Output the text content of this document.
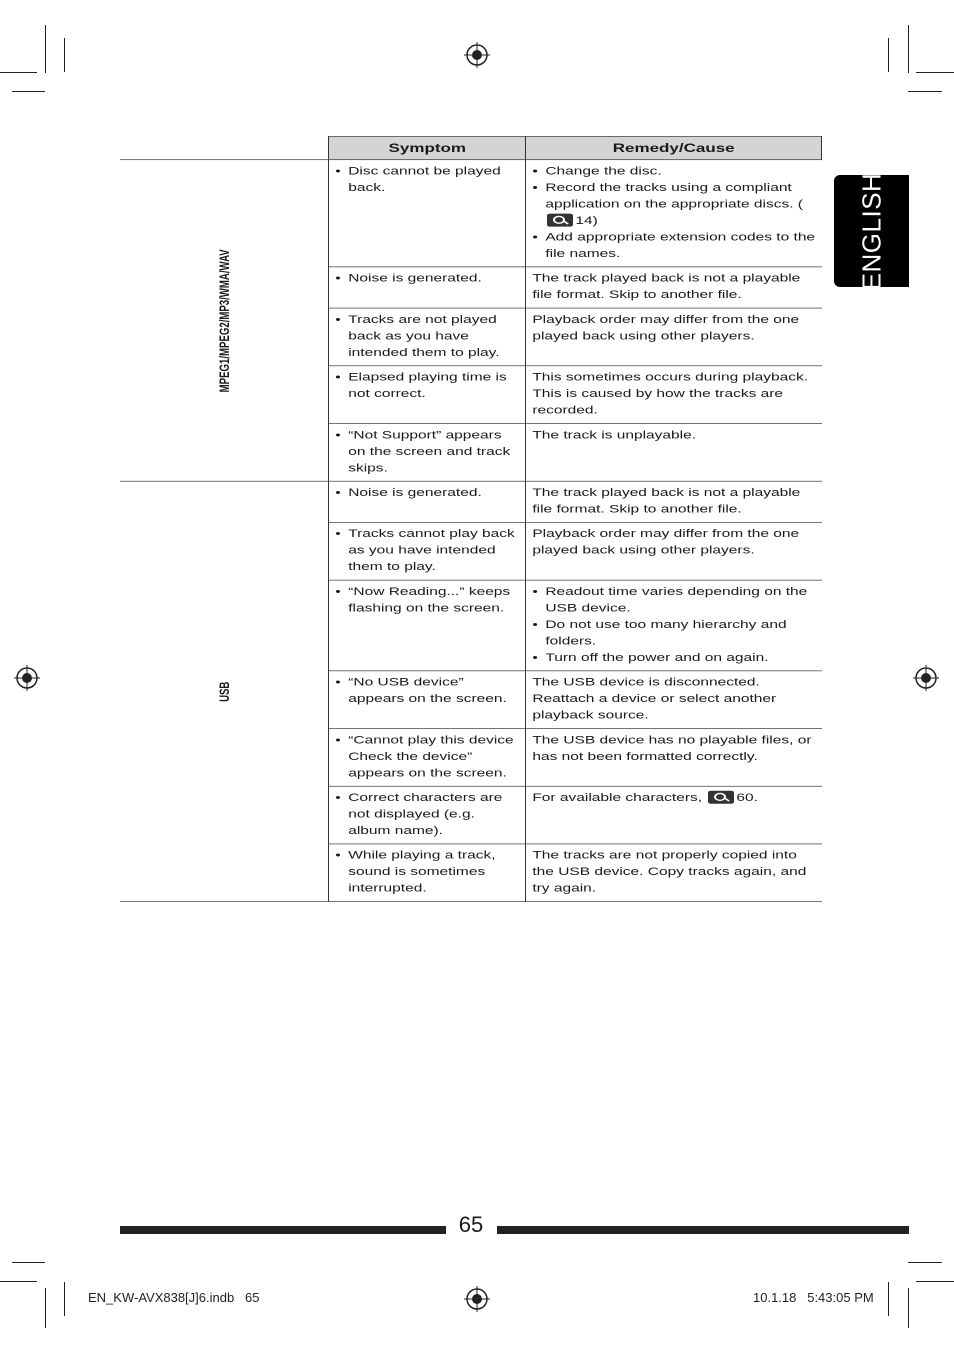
ENGLISH
	Symptom	Remedy/Cause

MPEG1/MPEG2/MP3/WMA/WAV	• Disc cannot be played back.	• Change the disc.
• Record the tracks using a compliant application on the appropriate discs. (14)
• Add appropriate extension codes to the file names.

	• Noise is generated.	The track played back is not a playable file format. Skip to another file.

	• Tracks are not played back as you have intended them to play.	Playback order may differ from the one played back using other players.

	• Elapsed playing time is not correct.	This sometimes occurs during playback. This is caused by how the tracks are recorded.

	• “Not Support” appears on the screen and track skips.	The track is unplayable.

USB	• Noise is generated.	The track played back is not a playable file format. Skip to another file.

	• Tracks cannot play back as you have intended them to play.	Playback order may differ from the one played back using other players.

	• “Now Reading...” keeps flashing on the screen.	• Readout time varies depending on the USB device.
• Do not use too many hierarchy and folders.
• Turn off the power and on again.

	• “No USB device” appears on the screen.	The USB device is disconnected. Reattach a device or select another playback source.

	• “Cannot play this device Check the device” appears on the screen.	The USB device has no playable files, or has not been formatted correctly.

	• Correct characters are not displayed (e.g. album name).	For available characters, 60.

	• While playing a track, sound is sometimes interrupted.	The tracks are not properly copied into the USB device. Copy tracks again, and try again.
65
EN_KW-AVX838[J]6.indb   65	10.1.18   5:43:05 PM
